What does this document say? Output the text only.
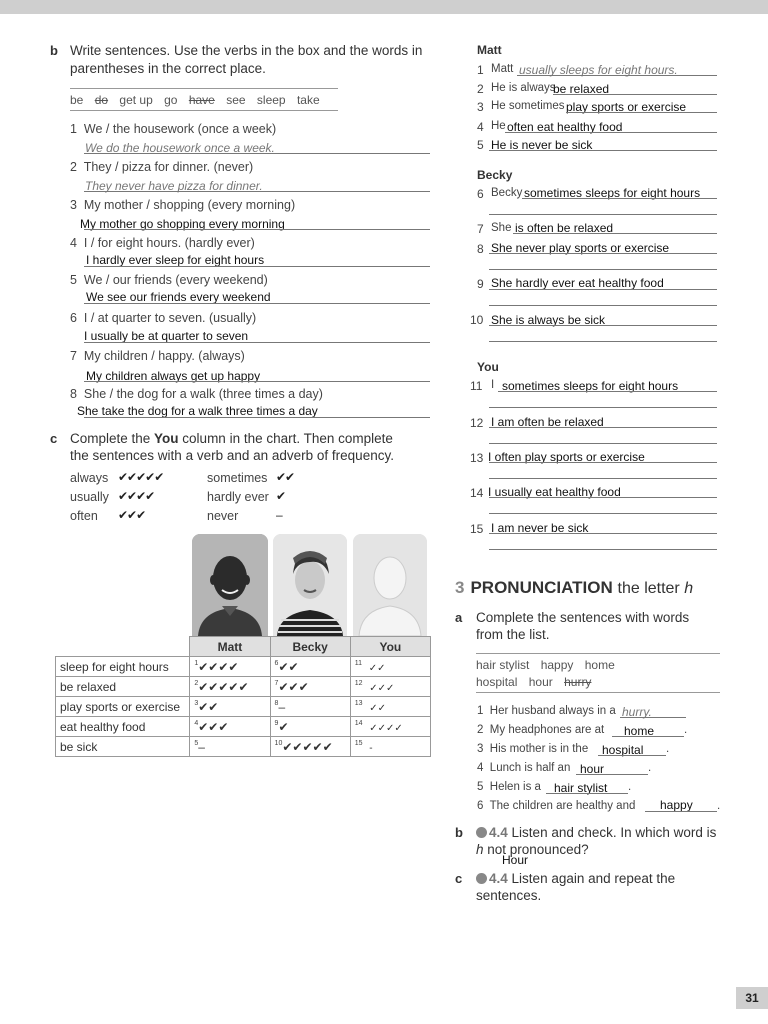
b Write sentences. Use the verbs in the box and the words in
parentheses in the correct place.
be do get up go have see sleep take
1 We / the housework (once a week)
We do the housework once a week.
2 They / pizza for dinner. (never)
They never have pizza for dinner.
3 My mother / shopping (every morning)
My mother go shopping every morning
4 I / for eight hours. (hardly ever)
I hardly ever sleep for eight hours
5 We / our friends (every weekend)
We see our friends every weekend
6 I / at quarter to seven. (usually)
I usually be at quarter to seven
7 My children / happy. (always)
My children always get up happy
8 She / the dog for a walk (three times a day)
She take the dog for a walk three times a day
c Complete the You column in the chart. Then complete
the sentences with a verb and an adverb of frequency.
always ✔✔✔✔✔
usually ✔✔✔✔
often ✔✔✔
sometimes ✔✔
hardly ever ✔
never	–
	Matt	Becky	You
sleep for eight hours	$^1$✔✔✔✔	$^6$✔✔	$^{11}$ ✓✓
be relaxed	$^2$✔✔✔✔✔	$^7$✔✔✔	$^{12}$ ✓✓✓
play sports or exercise	$^3$✔✔	$^8$–	$^{13}$ ✓✓
eat healthy food	$^4$✔✔✔	$^9$✔	$^{14}$ ✓✓✓✓
be sick	$^5$–	$^{10}$✔✔✔✔✔	$^{15}$ -
Matt
1 Matt usually sleeps for eight hours.
2 He is always
be relaxed
3 He sometimes play sports or exercise
4 He often eat healthy food
5 He is never be sick
Becky
6 Becky sometimes sleeps for eight hours
7 She is often be relaxed
8 She never play sports or exercise
9 She hardly ever eat healthy food
10 She is always be sick
You
11 I sometimes sleeps for eight hours
12 I am often be relaxed
13 I often play sports or exercise
14 I usually eat healthy food
15 I am never be sick
3 PRONUNCIATION the letter h
a Complete the sentences with words
from the list.
hair stylist happy home
hospital hour hurry
1 Her husband always in a hurry.
2 My headphones are at home	.
3 His mother is in the hospital .
4 Lunch is half an hour	.
5 Helen is a hair stylist .
6 The children are healthy and happy .
b	4.4 Listen and check. In which word is
h not pronounced?
Hour
c	4.4 Listen again and repeat the
sentences.
31
